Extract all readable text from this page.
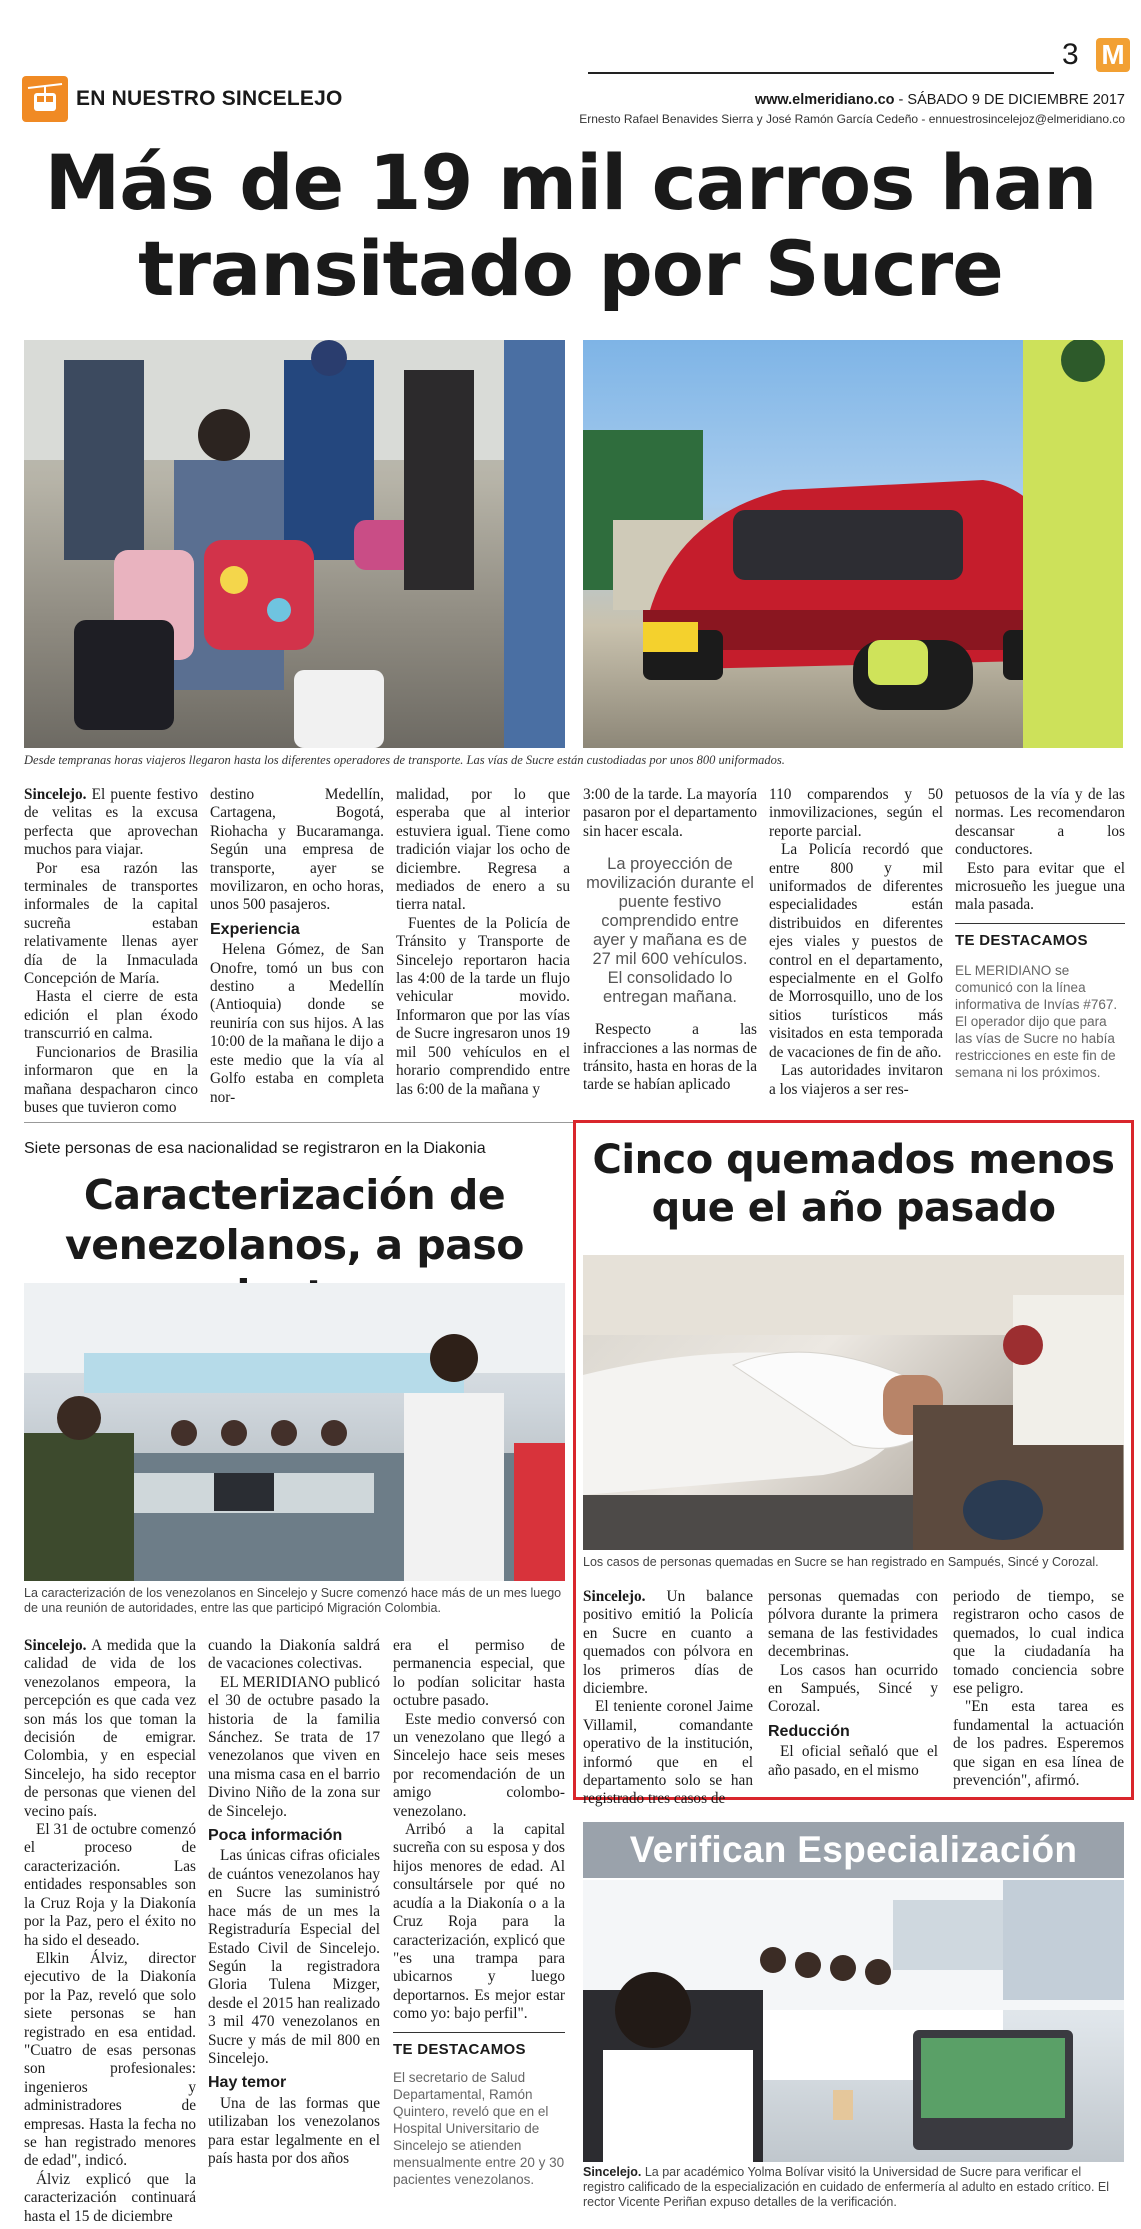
EN NUESTRO SINCELEJO
3 M
www.elmeridiano.co - SÁBADO 9 DE DICIEMBRE 2017
Ernesto Rafael Benavides Sierra y José Ramón García Cedeño - ennuestrosincelejoz@elmeridiano.co
Más de 19 mil carros han
transitado por Sucre
Desde tempranas horas viajeros llegaron hasta los diferentes operadores de transporte. Las vías de Sucre están custodiadas por unos 800 uniformados.

Sincelejo. El puente festivo de velitas es la excusa perfecta que aprovechan muchos para viajar.

Por esa razón las terminales de transportes informales de la capital sucreña estaban relativamente llenas ayer día de la Inmaculada Concepción de María.

Hasta el cierre de esta edición el plan éxodo transcurrió en calma.

Funcionarios de Brasilia informaron que en la mañana despacharon cinco buses que tuvieron como

destino Medellín, Cartagena, Bogotá, Riohacha y Bucaramanga. Según una empresa de transporte, ayer se movilizaron, en ocho horas, unos 500 pasajeros.

Experiencia

Helena Gómez, de San Onofre, tomó un bus con destino a Medellín (Antioquia) donde se reuniría con sus hijos. A las 10:00 de la mañana le dijo a este medio que la vía al Golfo estaba en completa nor-

malidad, por lo que esperaba que al interior estuviera igual. Tiene como tradición viajar los ocho de diciembre. Regresa a mediados de enero a su tierra natal.

Fuentes de la Policía de Tránsito y Transporte de Sincelejo reportaron hacia las 4:00 de la tarde un flujo vehicular movido. Informaron que por las vías de Sucre ingresaron unos 19 mil 500 vehículos en el horario comprendido entre las 6:00 de la mañana y

3:00 de la tarde. La mayoría pasaron por el departamento sin hacer escala.

La proyección de movilización durante el puente festivo comprendido entre ayer y mañana es de 27 mil 600 vehículos. El consolidado lo entregan mañana.

Respecto a las infracciones a las normas de tránsito, hasta en horas de la tarde se habían aplicado

110 comparendos y 50 inmovilizaciones, según el reporte parcial.

La Policía recordó que entre 800 y mil uniformados de diferentes especialidades están distribuidos en diferentes ejes viales y puestos de control en el departamento, especialmente en el Golfo de Morrosquillo, uno de los sitios turísticos más visitados en esta temporada de vacaciones de fin de año.

Las autoridades invitaron a los viajeros a ser res-

petuosos de la vía y de las normas. Les recomendaron descansar a los conductores.

Esto para evitar que el microsueño les juegue una mala pasada.

TE DESTACAMOS
EL MERIDIANO se comunicó con la línea informativa de Invías #767. El operador dijo que para las vías de Sucre no había restricciones en este fin de semana ni los próximos.
Siete personas de esa nacionalidad se registraron en la Diakonia
Caracterización de
venezolanos, a paso
La caracterización de los venezolanos en Sincelejo y Sucre comenzó hace más de un mes luego de una reunión de autoridades, entre las que participó Migración Colombia.

Sincelejo. A medida que la calidad de vida de los venezolanos empeora, la percepción es que cada vez son más los que toman la decisión de emigrar. Colombia, y en especial Sincelejo, ha sido receptor de personas que vienen del vecino país.

El 31 de octubre comenzó el proceso de caracterización. Las entidades responsables son la Cruz Roja y la Diakonía por la Paz, pero el éxito no ha sido el deseado.

Elkin Álviz, director ejecutivo de la Diakonía por la Paz, reveló que solo siete personas se han registrado en esa entidad. "Cuatro de esas personas son profesionales: ingenieros y administradores de empresas. Hasta la fecha no se han registrado menores de edad", indicó.

Álviz explicó que la caracterización continuará hasta el 15 de diciembre

cuando la Diakonía saldrá de vacaciones colectivas.

EL MERIDIANO publicó el 30 de octubre pasado la historia de la familia Sánchez. Se trata de 17 venezolanos que viven en una misma casa en el barrio Divino Niño de la zona sur de Sincelejo.

Poca información

Las únicas cifras oficiales de cuántos venezolanos hay en Sucre las suministró hace más de un mes la Registraduría Especial del Estado Civil de Sincelejo. Según la registradora Gloria Tulena Mizger, desde el 2015 han realizado 3 mil 470 venezolanos en Sucre y más de mil 800 en Sincelejo.

Hay temor

Una de las formas que utilizaban los venezolanos para estar legalmente en el país hasta por dos años

era el permiso de permanencia especial, que lo podían solicitar hasta octubre pasado.

Este medio conversó con un venezolano que llegó a Sincelejo hace seis meses por recomendación de un amigo colombo-venezolano.

Arribó a la capital sucreña con su esposa y dos hijos menores de edad. Al consultársele por qué no acudía a la Diakonía o a la Cruz Roja para la caracterización, explicó que "es una trampa para ubicarnos y luego deportarnos. Es mejor estar como yo: bajo perfil".

TE DESTACAMOS
El secretario de Salud Departamental, Ramón Quintero, reveló que en el Hospital Universitario de Sincelejo se atienden mensualmente entre 20 y 30 pacientes venezolanos.
Cinco quemados menos
que el año pasado
Los casos de personas quemadas en Sucre se han registrado en Sampués, Sincé y Corozal.

Sincelejo. Un balance positivo emitió la Policía en Sucre en cuanto a quemados con pólvora en los primeros días de diciembre.

El teniente coronel Jaime Villamil, comandante operativo de la institución, informó que en el departamento solo se han registrado tres casos de

personas quemadas con pólvora durante la primera semana de las festividades decembrinas.

Los casos han ocurrido en Sampués, Sincé y Corozal.

Reducción

El oficial señaló que el año pasado, en el mismo

periodo de tiempo, se registraron ocho casos de quemados, lo cual indica que la ciudadanía ha tomado conciencia sobre ese peligro.

"En esta tarea es fundamental la actuación de los padres. Esperemos que sigan en esa línea de prevención", afirmó.

Verifican Especialización
Sincelejo. La par académico Yolma Bolívar visitó la Universidad de Sucre para verificar el registro calificado de la especialización en cuidado de enfermería al adulto en estado crítico. El rector Vicente Periñan expuso detalles de la verificación.
